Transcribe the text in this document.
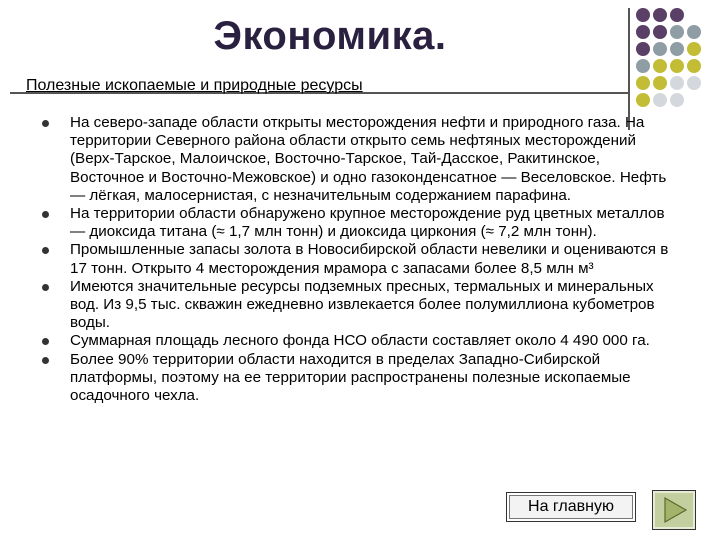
Экономика.
Полезные ископаемые и природные ресурсы
На северо-западе области открыты месторождения нефти и природного газа. На территории Северного района области открыто семь нефтяных месторождений (Верх-Тарское, Малоичское, Восточно-Тарское, Тай-Дасское, Ракитинское, Восточное и Восточно-Межовское) и одно газоконденсатное — Веселовское. Нефть — лёгкая, малосернистая, с незначительным содержанием парафина.
На территории области обнаружено крупное месторождение руд цветных металлов — диоксида титана (≈ 1,7 млн тонн) и диоксида циркония (≈ 7,2 млн тонн).
Промышленные запасы золота в Новосибирской области невелики и оцениваются в 17 тонн. Открыто 4 месторождения мрамора с запасами более 8,5 млн м³
Имеются значительные ресурсы подземных пресных, термальных и минеральных вод. Из 9,5 тыс. скважин ежедневно извлекается более полумиллиона кубометров воды.
Суммарная площадь лесного фонда НСО области составляет около 4 490 000 га.
Более 90% территории области находится в пределах Западно-Сибирской платформы, поэтому на ее территории распространены полезные ископаемые осадочного чехла.
На главную
